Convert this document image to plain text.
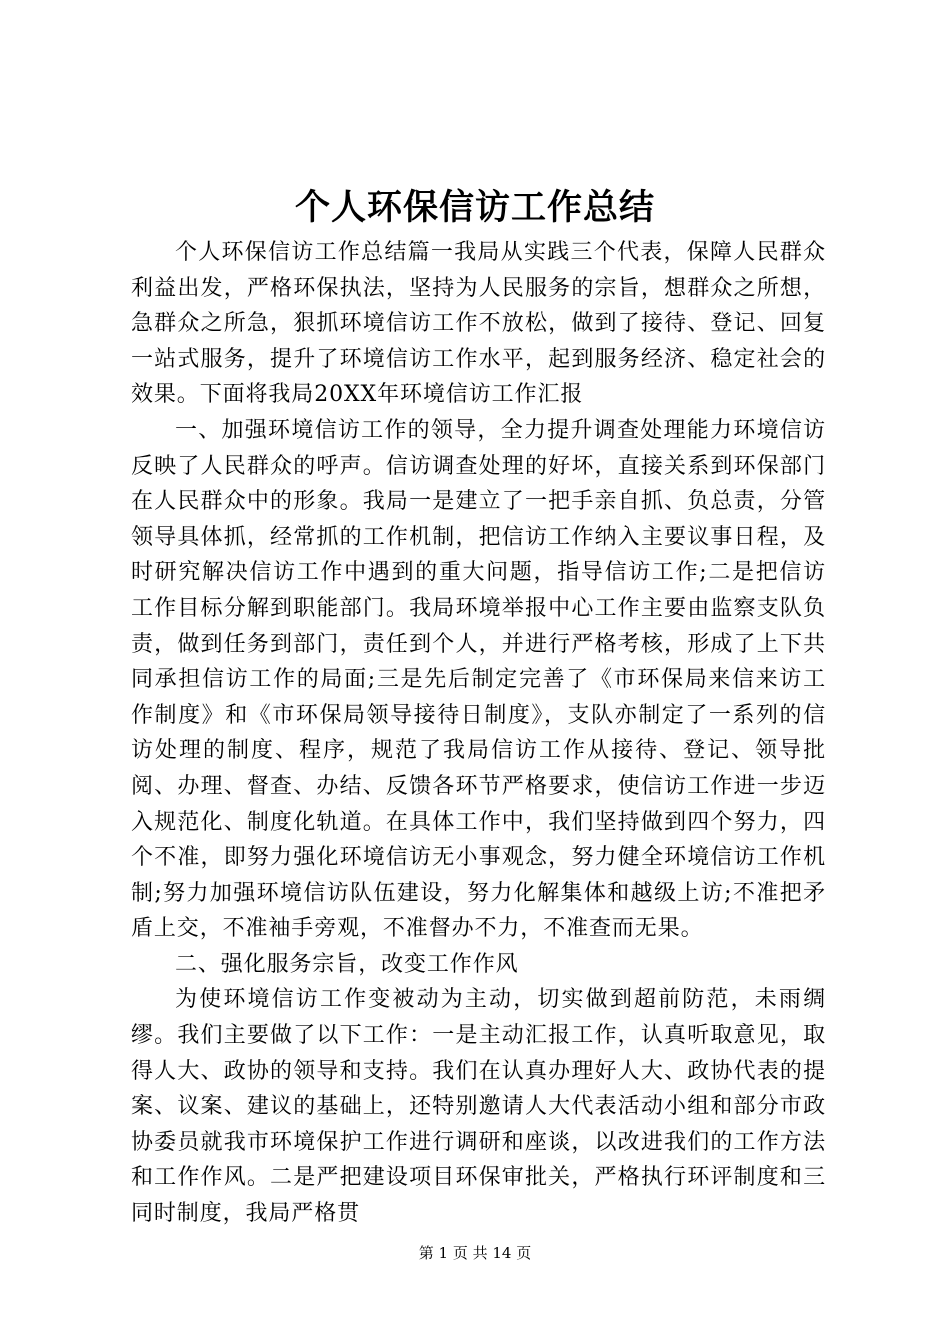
个人环保信访工作总结

个人环保信访工作总结篇一我局从实践三个代表，保障人民群众利益出发，严格环保执法，坚持为人民服务的宗旨，想群众之所想，急群众之所急，狠抓环境信访工作不放松，做到了接待、登记、回复一站式服务，提升了环境信访工作水平，起到服务经济、稳定社会的效果。下面将我局20XX年环境信访工作汇报

一、加强环境信访工作的领导，全力提升调查处理能力环境信访反映了人民群众的呼声。信访调查处理的好坏，直接关系到环保部门在人民群众中的形象。我局一是建立了一把手亲自抓、负总责，分管领导具体抓，经常抓的工作机制，把信访工作纳入主要议事日程，及时研究解决信访工作中遇到的重大问题，指导信访工作;二是把信访工作目标分解到职能部门。我局环境举报中心工作主要由监察支队负责，做到任务到部门，责任到个人，并进行严格考核，形成了上下共同承担信访工作的局面;三是先后制定完善了《市环保局来信来访工作制度》和《市环保局领导接待日制度》，支队亦制定了一系列的信访处理的制度、程序，规范了我局信访工作从接待、登记、领导批阅、办理、督查、办结、反馈各环节严格要求，使信访工作进一步迈入规范化、制度化轨道。在具体工作中，我们坚持做到四个努力，四个不准，即努力强化环境信访无小事观念，努力健全环境信访工作机制;努力加强环境信访队伍建设，努力化解集体和越级上访;不准把矛盾上交，不准袖手旁观，不准督办不力，不准查而无果。

二、强化服务宗旨，改变工作作风

为使环境信访工作变被动为主动，切实做到超前防范，未雨绸缪。我们主要做了以下工作：一是主动汇报工作，认真听取意见，取得人大、政协的领导和支持。我们在认真办理好人大、政协代表的提案、议案、建议的基础上，还特别邀请人大代表活动小组和部分市政协委员就我市环境保护工作进行调研和座谈，以改进我们的工作方法和工作作风。二是严把建设项目环保审批关，严格执行环评制度和三同时制度，我局严格贯

第 1 页 共 14 页
